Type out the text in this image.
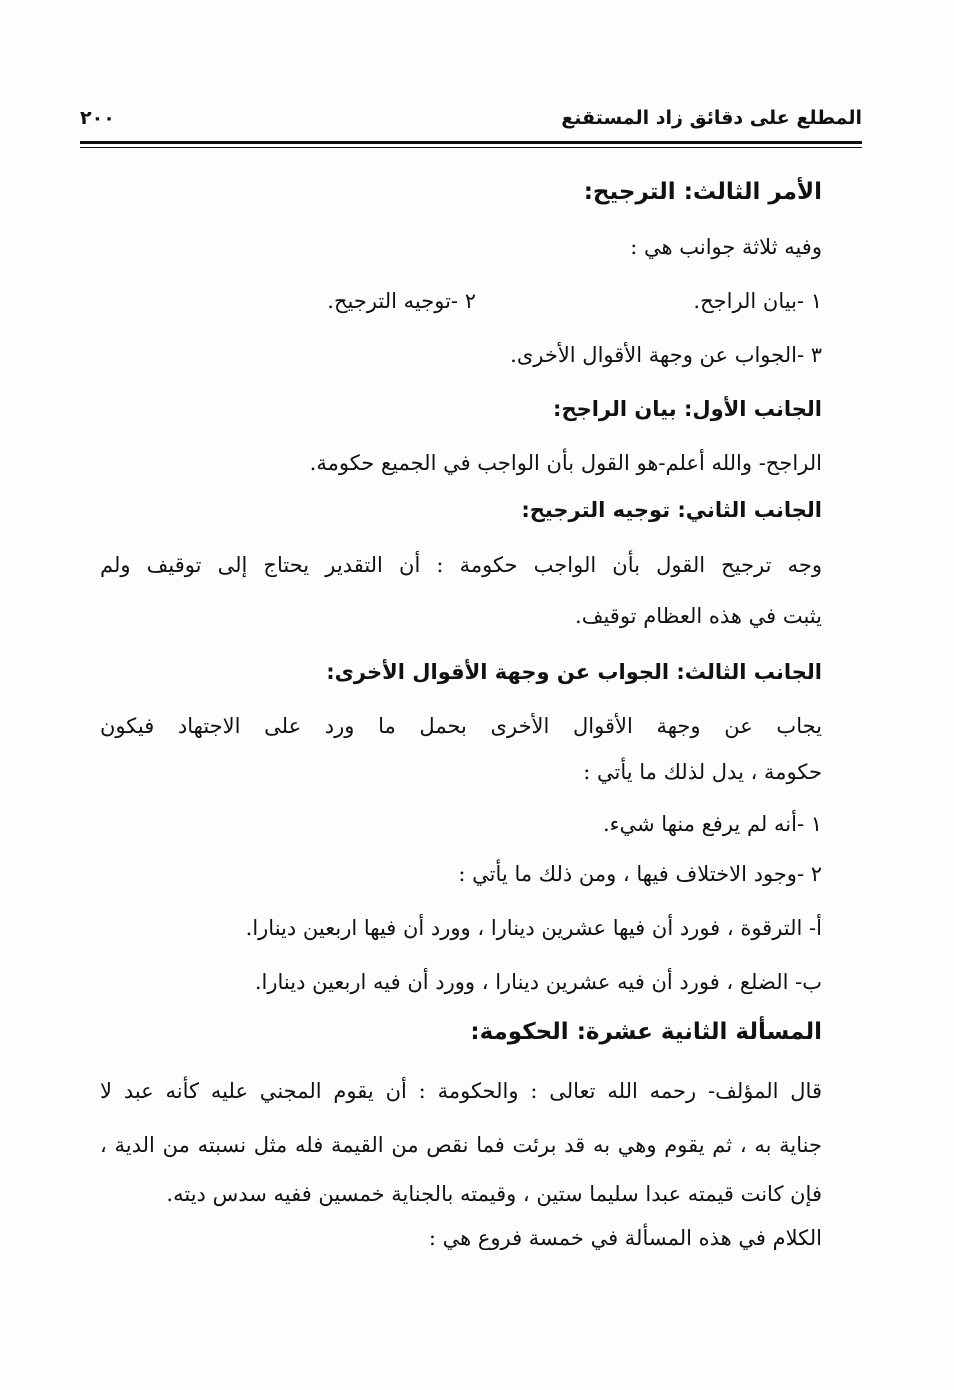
المطلع على دقائق زاد المستقنع
٢٠٠
الأمر الثالث: الترجيح:
وفيه ثلاثة جوانب هي :
١ -بيان الراجح.
٢ -توجيه الترجيح.
٣ -الجواب عن وجهة الأقوال الأخرى.
الجانب الأول: بيان الراجح:
الراجح- والله أعلم-هو القول بأن الواجب في الجميع حكومة.
الجانب الثاني: توجيه الترجيح:
وجه ترجيح القول بأن الواجب حكومة : أن التقدير يحتاج إلى توقيف ولم
يثبت في هذه العظام توقيف.
الجانب الثالث: الجواب عن وجهة الأقوال الأخرى:
يجاب عن وجهة الأقوال الأخرى بحمل ما ورد على الاجتهاد فيكون
حكومة ، يدل لذلك ما يأتي :
١ -أنه لم يرفع منها شيء.
٢ -وجود الاختلاف فيها ، ومن ذلك ما يأتي :
أ- الترقوة ، فورد أن فيها عشرين دينارا ، وورد أن فيها اربعين دينارا.
ب- الضلع ، فورد أن فيه عشرين دينارا ، وورد أن فيه اربعين دينارا.
المسألة الثانية عشرة: الحكومة:
قال المؤلف- رحمه الله تعالى : والحكومة : أن يقوم المجني عليه كأنه عبد لا
جناية به ، ثم يقوم وهي به قد برئت فما نقص من القيمة فله مثل نسبته من الدية ،
فإن كانت قيمته عبدا سليما ستين ، وقيمته بالجناية خمسين ففيه سدس ديته.
الكلام في هذه المسألة في خمسة فروع هي :
